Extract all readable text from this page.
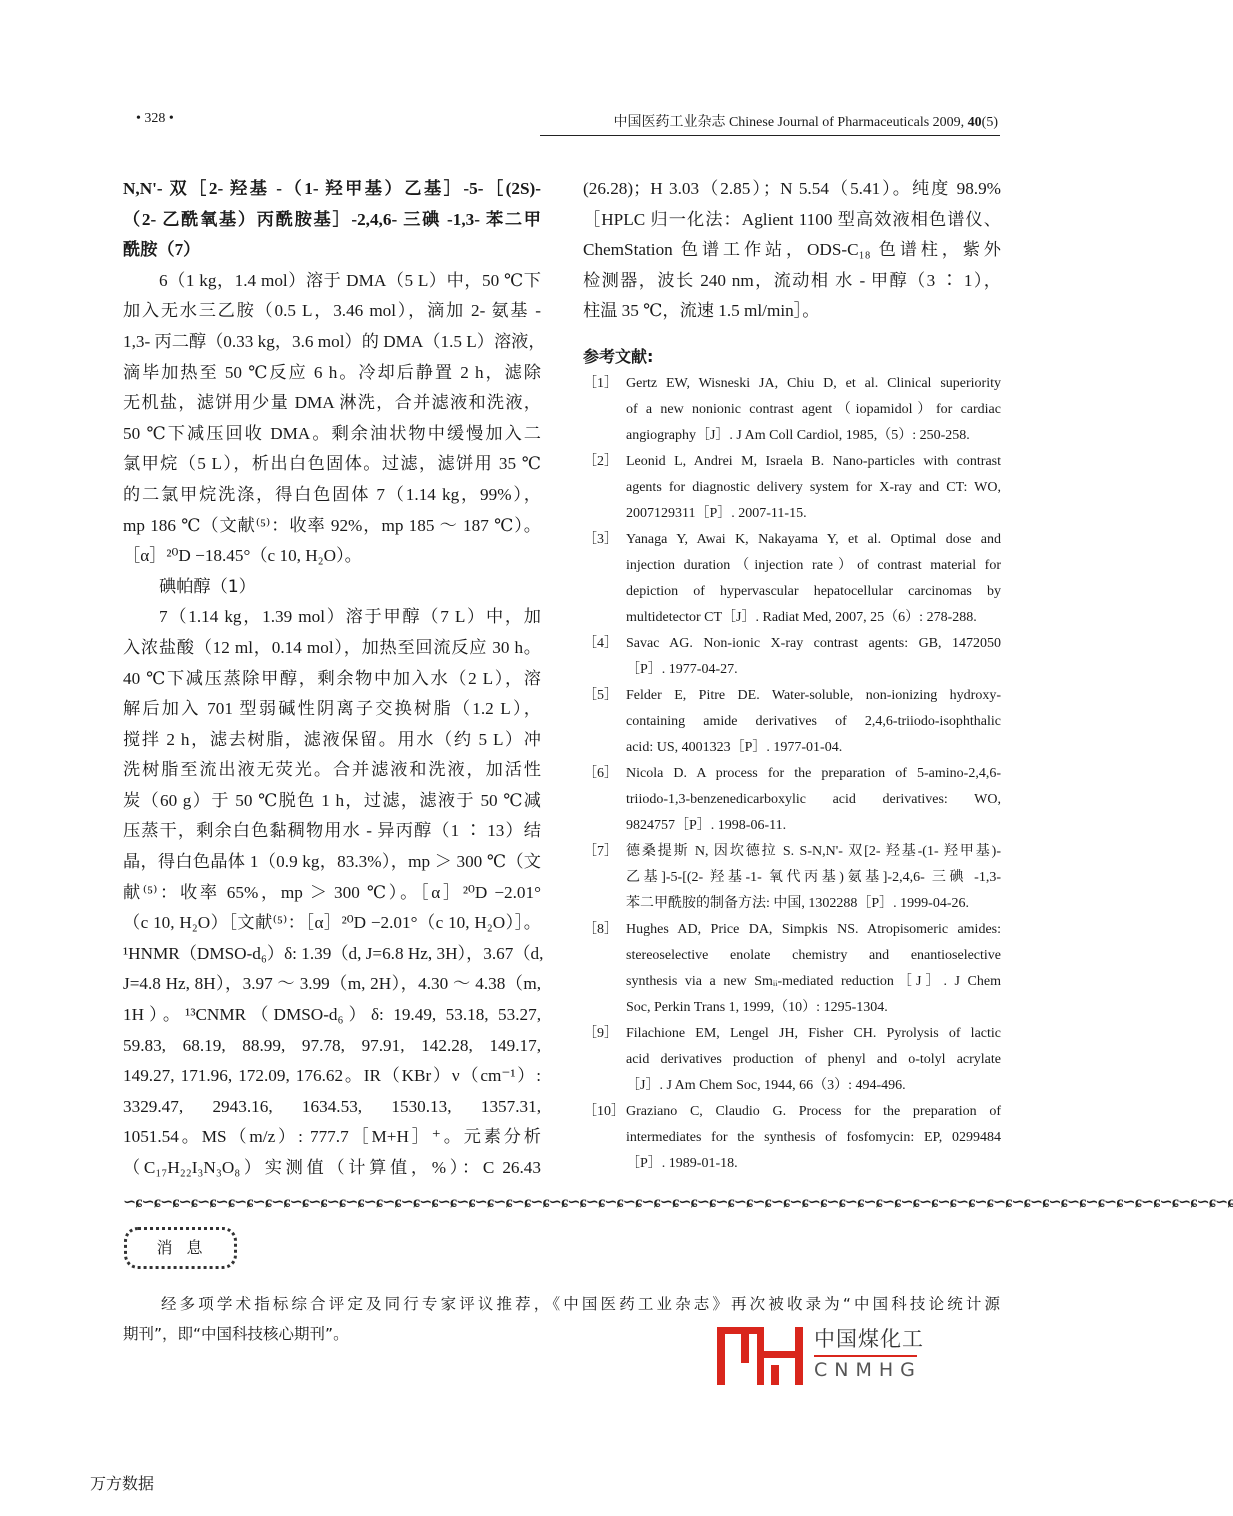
• 328 •	中国医药工业杂志 Chinese Journal of Pharmaceuticals 2009, 40(5)
N,N'- 双［2- 羟基 -（1- 羟甲基）乙基］-5-［(2S)-
（2- 乙酰氧基）丙酰胺基］-2,4,6- 三碘 -1,3- 苯二甲
酰胺（7）
6（1 kg，1.4 mol）溶于 DMA（5 L）中，50 ℃下
加入无水三乙胺（0.5 L，3.46 mol），滴加 2- 氨基 -
1,3- 丙二醇（0.33 kg，3.6 mol）的 DMA（1.5 L）溶液，
滴毕加热至 50 ℃反应 6 h。冷却后静置 2 h，滤除
无机盐，滤饼用少量 DMA 淋洗，合并滤液和洗液，
50 ℃下减压回收 DMA。剩余油状物中缓慢加入二
氯甲烷（5 L），析出白色固体。过滤，滤饼用 35 ℃
的二氯甲烷洗涤，得白色固体 7（1.14 kg，99%），
mp 186 ℃（文献⁽⁵⁾：收率 92%，mp 185 ～ 187 ℃）。
［α］²⁰D −18.45°（c 10, H₂O）。
碘帕醇（1）
7（1.14 kg，1.39 mol）溶于甲醇（7 L）中，加
入浓盐酸（12 ml，0.14 mol），加热至回流反应 30 h。
40 ℃下减压蒸除甲醇，剩余物中加入水（2 L），溶
解后加入 701 型弱碱性阴离子交换树脂（1.2 L），
搅拌 2 h，滤去树脂，滤液保留。用水（约 5 L）冲
洗树脂至流出液无荧光。合并滤液和洗液，加活性
炭（60 g）于 50 ℃脱色 1 h，过滤，滤液于 50 ℃减
压蒸干，剩余白色黏稠物用水 - 异丙醇（1 ∶ 13）结
晶，得白色晶体 1（0.9 kg，83.3%），mp ＞ 300 ℃（文
献⁽⁵⁾：收率 65%，mp ＞ 300 ℃）。［α］²⁰D −2.01°
（c 10, H₂O）［文献⁽⁵⁾：［α］²⁰D −2.01°（c 10, H₂O）］。
¹HNMR（DMSO-d₆）δ: 1.39（d, J=6.8 Hz, 3H），3.67（d,
J=4.8 Hz, 8H），3.97 ～ 3.99（m, 2H），4.30 ～ 4.38（m,
1H）。¹³CNMR（DMSO-d₆）δ: 19.49, 53.18, 53.27,
59.83, 68.19, 88.99, 97.78, 97.91, 142.28, 149.17,
149.27, 171.96, 172.09, 176.62。IR（KBr）ν（cm⁻¹）:
3329.47, 2943.16, 1634.53, 1530.13, 1357.31,
1051.54。MS（m/z）: 777.7［M+H］⁺。元素分析
（C₁₇H₂₂I₃N₃O₈）实测值（计算值，%）：C 26.43
(26.28)；H 3.03（2.85）；N 5.54（5.41）。纯度 98.9%
［HPLC 归一化法：Aglient 1100 型高效液相色谱仪、
ChemStation 色谱工作站，ODS-C₁₈ 色谱柱，紫外
检测器，波长 240 nm，流动相 水 - 甲醇（3 ∶ 1），
柱温 35 ℃，流速 1.5 ml/min］。
参考文献:
［1］ Gertz EW, Wisneski JA, Chiu D, et al. Clinical superiority
of a new nonionic contrast agent（iopamidol）for cardiac
angiography［J］. J Am Coll Cardiol, 1985,（5）: 250-258.
［2］ Leonid L, Andrei M, Israela B. Nano-particles with contrast
agents for diagnostic delivery system for X-ray and CT: WO,
2007129311［P］. 2007-11-15.
［3］ Yanaga Y, Awai K, Nakayama Y, et al. Optimal dose and
injection duration（injection rate）of contrast material for
depiction of hypervascular hepatocellular carcinomas by
multidetector CT［J］. Radiat Med, 2007, 25（6）: 278-288.
［4］ Savac AG. Non-ionic X-ray contrast agents: GB, 1472050
［P］. 1977-04-27.
［5］ Felder E, Pitre DE. Water-soluble, non-ionizing hydroxy-
containing amide derivatives of 2,4,6-triiodo-isophthalic
acid: US, 4001323［P］. 1977-01-04.
［6］ Nicola D. A process for the preparation of 5-amino-2,4,6-
triiodo-1,3-benzenedicarboxylic acid derivatives: WO,
9824757［P］. 1998-06-11.
［7］ 德桑提斯 N, 因坎德拉 S. S-N,N'- 双[2- 羟基-(1- 羟甲基)-
乙基]-5-[(2- 羟基-1- 氧代丙基)氨基]-2,4,6- 三碘 -1,3-
苯二甲酰胺的制备方法: 中国, 1302288［P］. 1999-04-26.
［8］ Hughes AD, Price DA, Simpkis NS. Atropisomeric amides:
stereoselective enolate chemistry and enantioselective
synthesis via a new Smᵢᵢ-mediated reduction［J］. J Chem
Soc, Perkin Trans 1, 1999,（10）: 1295-1304.
［9］ Filachione EM, Lengel JH, Fisher CH. Pyrolysis of lactic
acid derivatives production of phenyl and o-tolyl acrylate
［J］. J Am Chem Soc, 1944, 66（3）: 494-496.
［10］ Graziano C, Claudio G. Process for the preparation of
intermediates for the synthesis of fosfomycin: EP, 0299484
［P］. 1989-01-18.
∽ɕ∽ɕ∽ɕ∽ɕ∽ɕ∽ɕ∽ɕ∽ɕ∽ɕ∽ɕ∽ɕ∽ɕ∽ɕ∽ɕ∽ɕ∽ɕ∽ɕ∽ɕ∽ɕ∽ɕ∽ɕ∽ɕ∽ɕ∽ɕ∽ɕ∽ɕ∽ɕ∽ɕ∽ɕ∽ɕ∽ɕ∽ɕ∽ɕ∽ɕ∽ɕ∽ɕ∽ɕ∽ɕ∽ɕ∽ɕ∽ɕ∽ɕ∽ɕ∽ɕ∽ɕ∽ɕ∽ɕ∽ɕ∽ɕ∽ɕ∽ɕ∽ɕ∽ɕ∽ɕ∽ɕ∽ɕ∽ɕ∽ɕ∽ɕ∽ɕ
消息
经多项学术指标综合评定及同行专家评议推荐，《中国医药工业杂志》再次被收录为“中国科技论统计源
期刊”，即“中国科技核心期刊”。	中国煤化工
CNMHG
万方数据
